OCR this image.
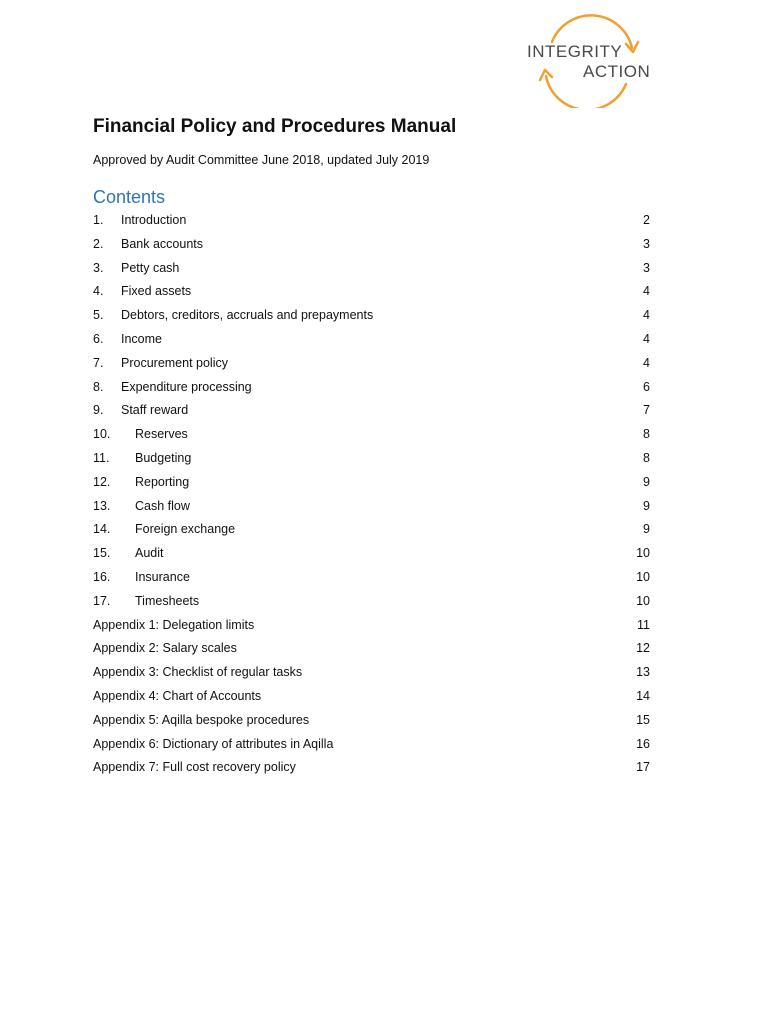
INTEGRITY
ACTION
Financial Policy and Procedures Manual
Approved by Audit Committee June 2018, updated July 2019
Contents
1. Introduction	2
2. Bank accounts	3
3. Petty cash	3
4. Fixed assets	4
5. Debtors, creditors, accruals and prepayments	4
6. Income	4
7. Procurement policy	4
8. Expenditure processing	6
9. Staff reward	7
10. Reserves	8
11. Budgeting	8
12. Reporting	9
13. Cash flow	9
14. Foreign exchange	9
15. Audit	10
16. Insurance	10
17. Timesheets	10
Appendix 1: Delegation limits	11
Appendix 2: Salary scales	12
Appendix 3: Checklist of regular tasks	13
Appendix 4: Chart of Accounts	14
Appendix 5: Aqilla bespoke procedures	15
Appendix 6: Dictionary of attributes in Aqilla	16
Appendix 7: Full cost recovery policy	17
